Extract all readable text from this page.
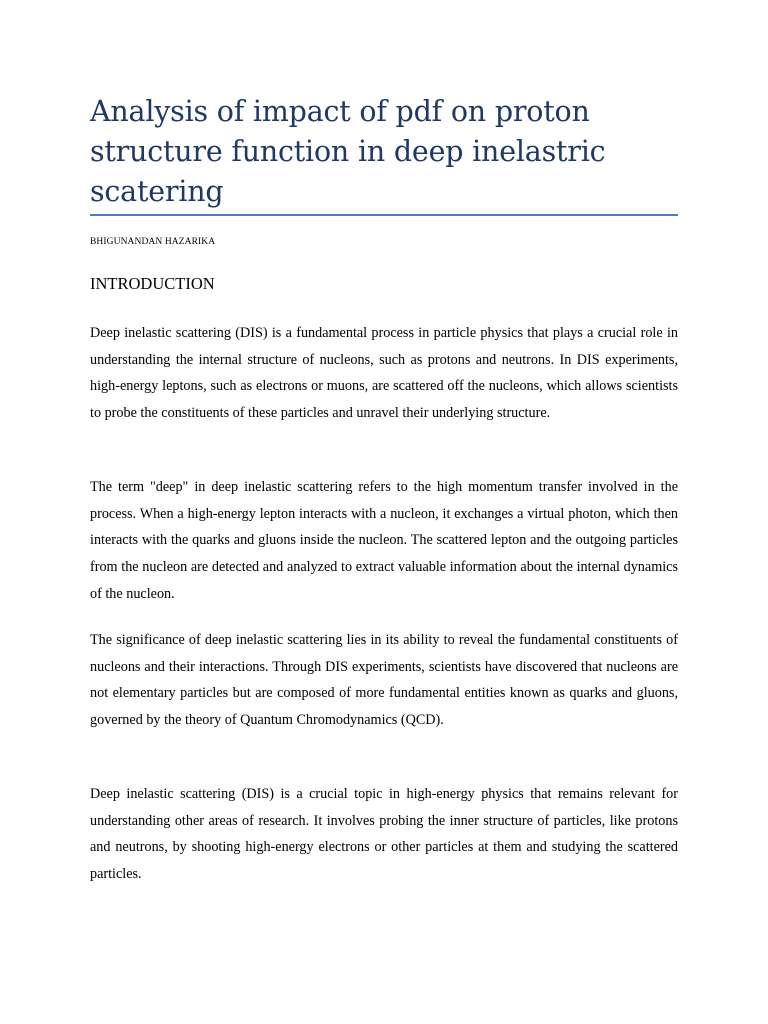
Analysis of impact of pdf on proton structure function in deep inelastric scatering

BHIGUNANDAN HAZARIKA

INTRODUCTION

Deep inelastic scattering (DIS) is a fundamental process in particle physics that plays a crucial role in understanding the internal structure of nucleons, such as protons and neutrons. In DIS experiments, high-energy leptons, such as electrons or muons, are scattered off the nucleons, which allows scientists to probe the constituents of these particles and unravel their underlying structure.

The term "deep" in deep inelastic scattering refers to the high momentum transfer involved in the process. When a high-energy lepton interacts with a nucleon, it exchanges a virtual photon, which then interacts with the quarks and gluons inside the nucleon. The scattered lepton and the outgoing particles from the nucleon are detected and analyzed to extract valuable information about the internal dynamics of the nucleon.

The significance of deep inelastic scattering lies in its ability to reveal the fundamental constituents of nucleons and their interactions. Through DIS experiments, scientists have discovered that nucleons are not elementary particles but are composed of more fundamental entities known as quarks and gluons, governed by the theory of Quantum Chromodynamics (QCD).

Deep inelastic scattering (DIS) is a crucial topic in high-energy physics that remains relevant for understanding other areas of research. It involves probing the inner structure of particles, like protons and neutrons, by shooting high-energy electrons or other particles at them and studying the scattered particles.
